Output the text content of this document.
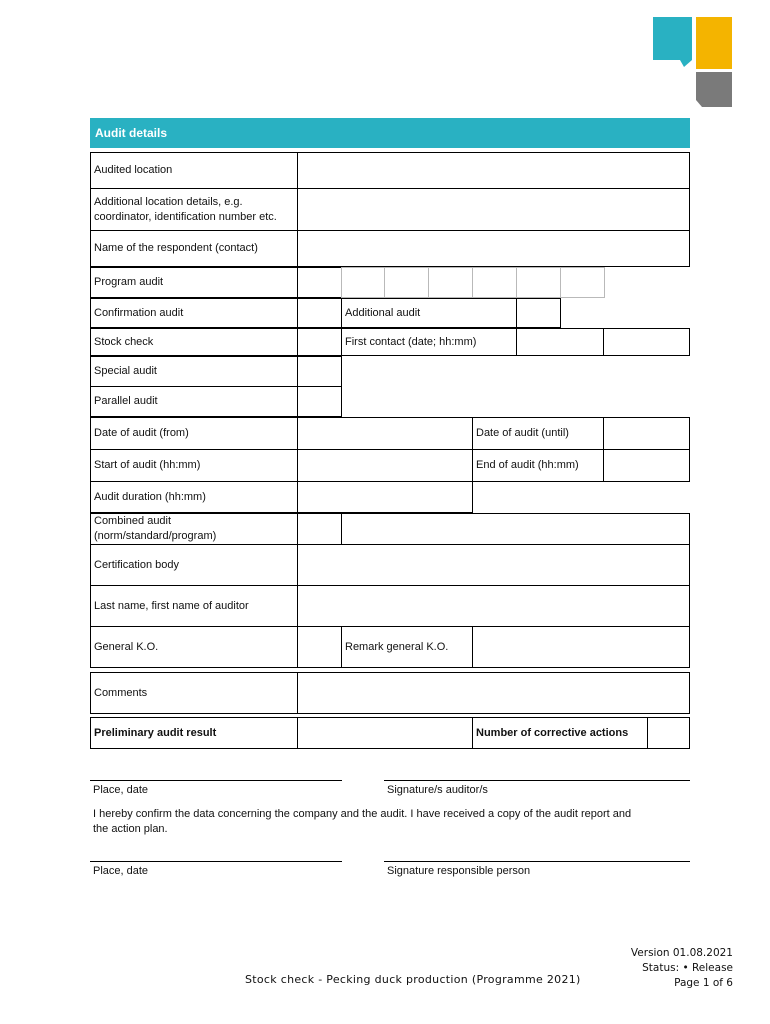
Audit details
Audited location
Additional location details, e.g. coordinator, identification number etc.
Name of the respondent (contact)
Program audit
Confirmation audit	Additional audit
Stock check	First contact (date; hh:mm)
Special audit
Parallel audit
Date of audit (from)	Date of audit (until)
Start of audit (hh:mm)	End of audit (hh:mm)
Audit duration (hh:mm)
Combined audit
(norm/standard/program)
Certification body
Last name, first name of auditor
General K.O.	Remark general K.O.
Comments
Preliminary audit result	Number of corrective actions
Place, date	Signature/s auditor/s
I hereby confirm the data concerning the company and the audit. I have received a copy of the audit report and
the action plan.
Place, date	Signature responsible person
Stock check - Pecking duck production (Programme 2021)
Version 01.08.2021
Status: • Release
Page 1 of 6
